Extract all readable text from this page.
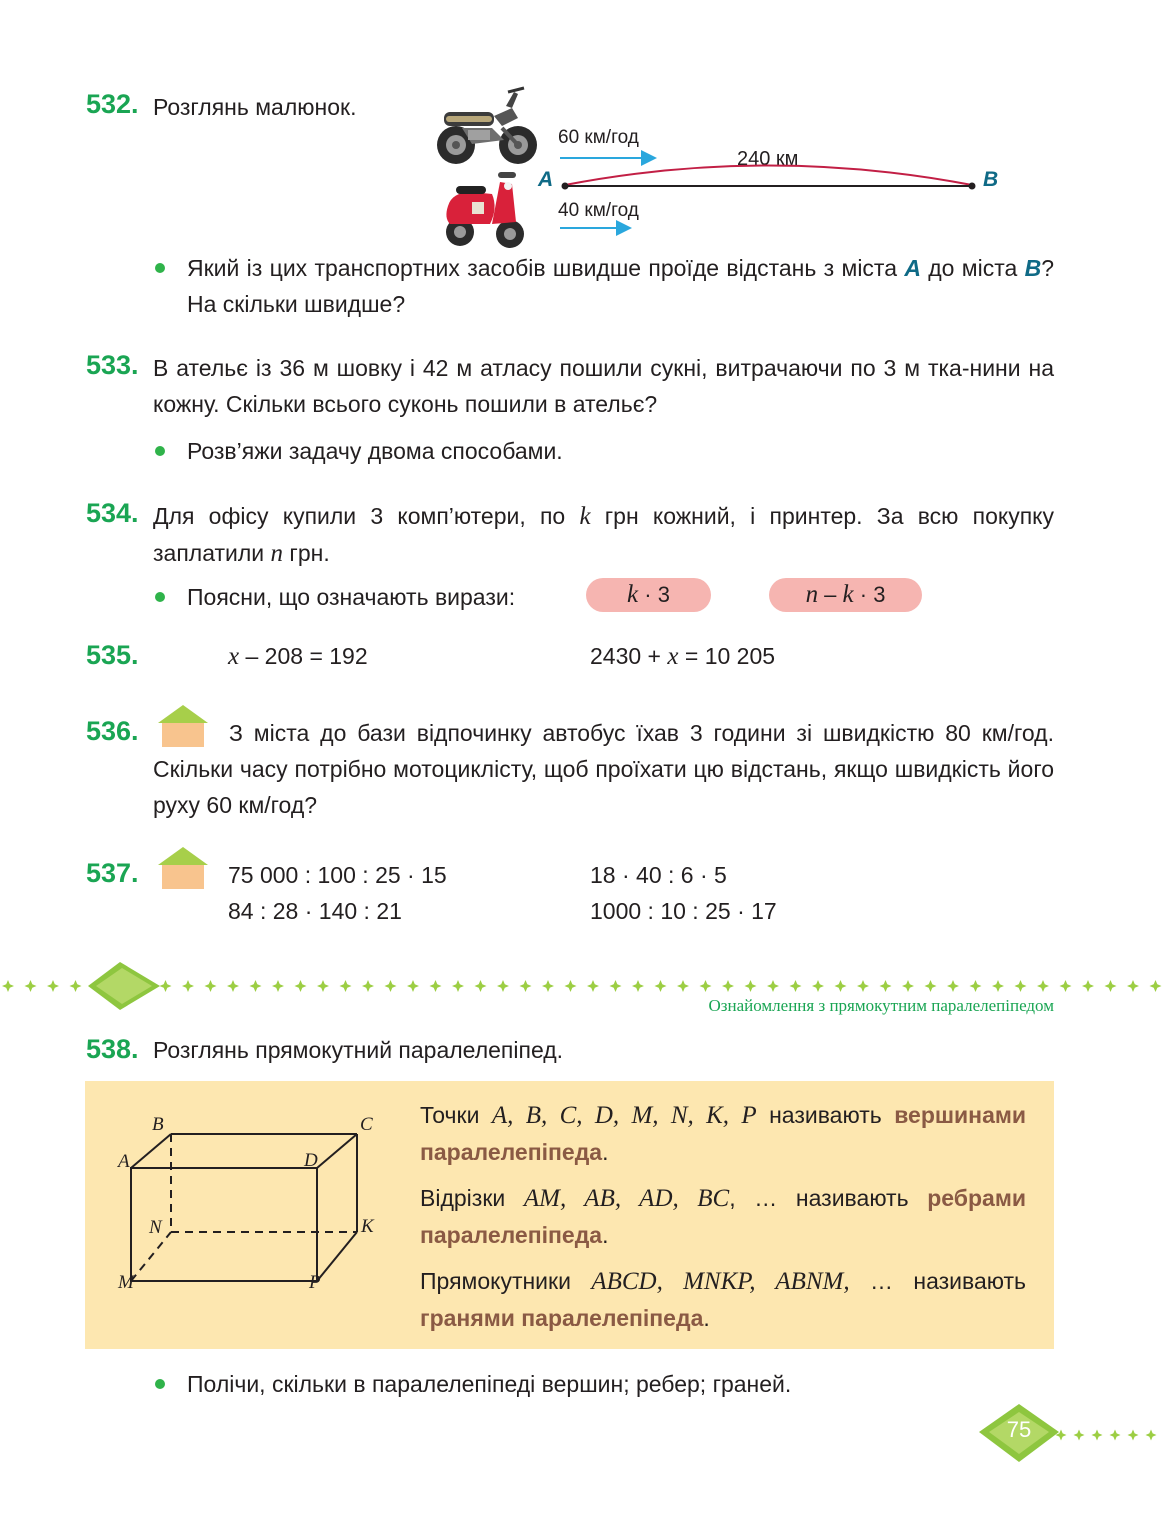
532. Розглянь малюнок.
60 км/год
40 км/год
240 км
A	B
Який із цих транспортних засобів швидше проїде відстань з міста A до міста B? На скільки швидше?
533. В ательє із 36 м шовку і 42 м атласу пошили сукні, витрачаючи по 3 м тка-нини на кожну. Скільки всього суконь пошили в ательє?
Розв’яжи задачу двома способами.
534. Для офісу купили 3 комп’ютери, по k грн кожний, і принтер. За всю покупку заплатили n грн.
Поясни, що означають вирази:	k · 3	n – k · 3
535.	x – 208 = 192	2430 + x = 10 205
536.	З міста до бази відпочинку автобус їхав 3 години зі швидкістю 80 км/год. Скільки часу потрібно мотоциклісту, щоб проїхати цю відстань, якщо швидкість його руху 60 км/год?
537.	75 000 : 100 : 25 · 15	18 · 40 : 6 · 5
84 : 28 · 140 : 21	1000 : 10 : 25 · 17
Ознайомлення з прямокутним паралелепіпедом
538. Розглянь прямокутний паралелепіпед.
B	C
A	D
N	K
M	P
Точки A, B, C, D, M, N, K, P називають вершинами паралелепіпеда.
Відрізки AM, AB, AD, BC, … називають ребрами паралелепіпеда.
Прямокутники ABCD, MNKP, ABNM, … називають гранями паралелепіпеда.
Полічи, скільки в паралелепіпеді вершин; ребер; граней.
75
